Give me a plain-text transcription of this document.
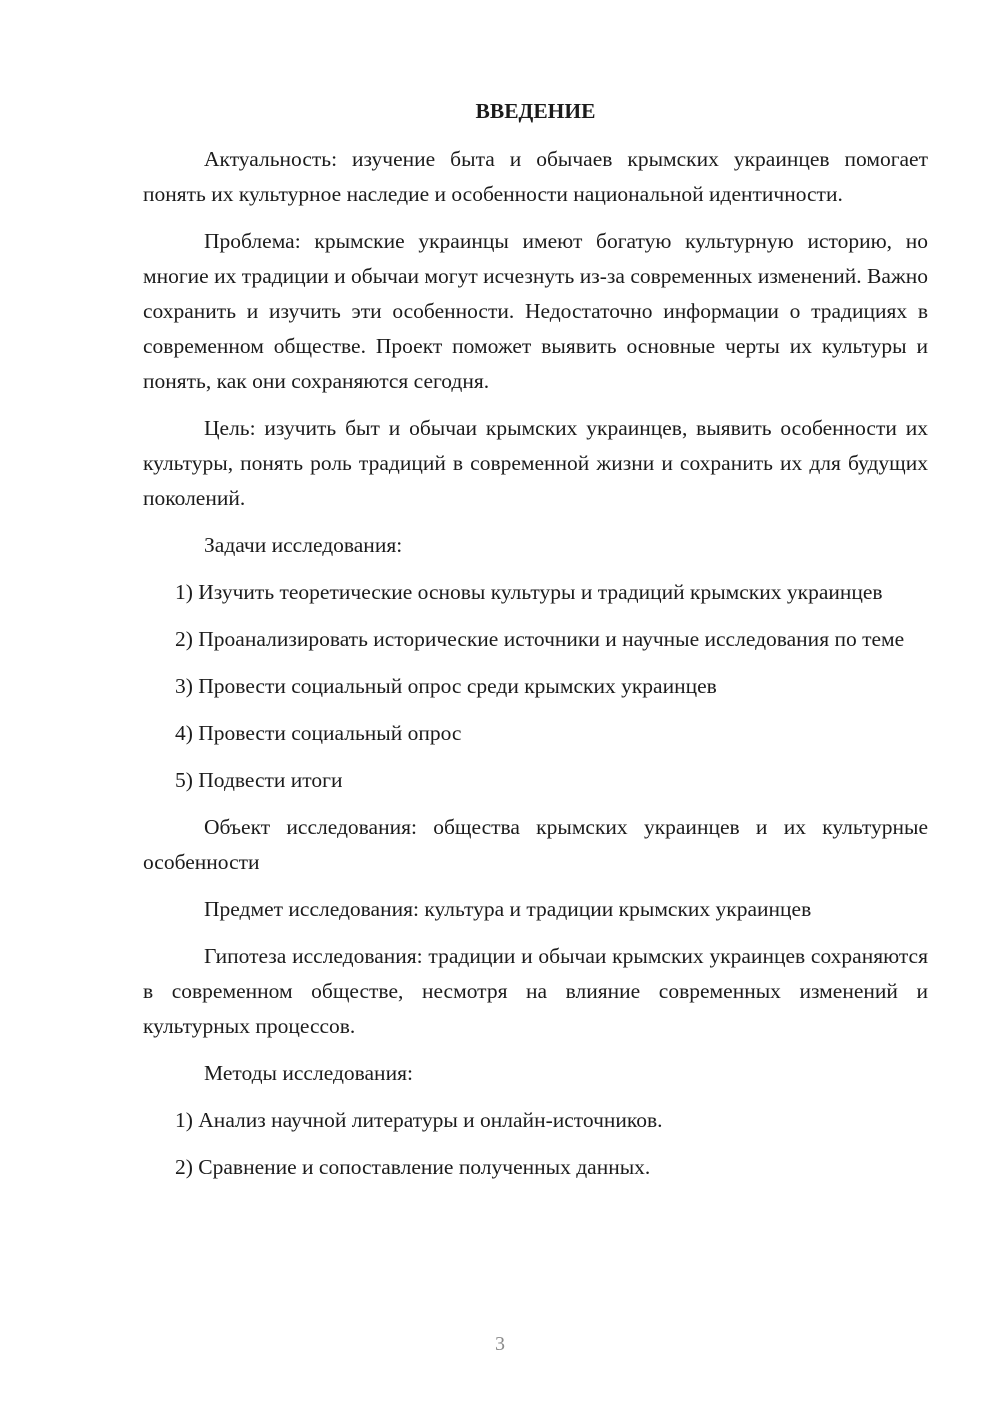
ВВЕДЕНИЕ

Актуальность: изучение быта и обычаев крымских украинцев помогает понять их культурное наследие и особенности национальной идентичности.

Проблема: крымские украинцы имеют богатую культурную историю, но многие их традиции и обычаи могут исчезнуть из-за современных изменений. Важно сохранить и изучить эти особенности. Недостаточно информации о традициях в современном обществе. Проект поможет выявить основные черты их культуры и понять, как они сохраняются сегодня.

Цель: изучить быт и обычаи крымских украинцев, выявить особенности их культуры, понять роль традиций в современной жизни и сохранить их для будущих поколений.

Задачи исследования:

1) Изучить теоретические основы культуры и традиций крымских украинцев

2) Проанализировать исторические источники и научные исследования по теме

3) Провести социальный опрос среди крымских украинцев

4) Провести социальный опрос

5) Подвести итоги

Объект исследования: общества крымских украинцев и их культурные особенности

Предмет исследования: культура и традиции крымских украинцев

Гипотеза исследования: традиции и обычаи крымских украинцев сохраняются в современном обществе, несмотря на влияние современных изменений и культурных процессов.

Методы исследования:

1) Анализ научной литературы и онлайн-источников.

2) Сравнение и сопоставление полученных данных.

3
